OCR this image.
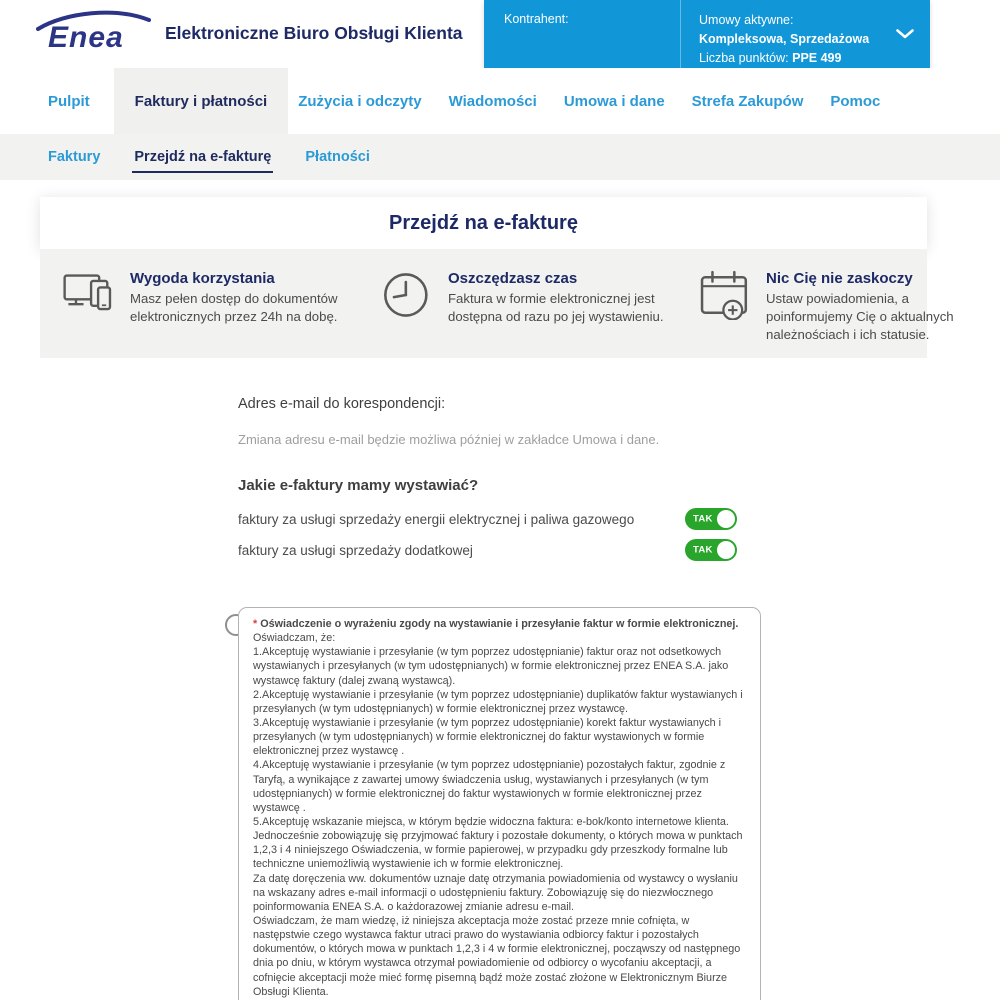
Enea Elektroniczne Biuro Obsługi Klienta
Kontrahent:	Umowy aktywne:
Kompleksowa, Sprzedażowa
Liczba punktów: PPE 499
Pulpit	Faktury i płatności	Zużycia i odczyty Wiadomości Umowa i dane Strefa Zakupów Pomoc
Faktury Przejdź na e-fakturę Płatności
Przejdź na e-fakturę
Wygoda korzystania
Masz pełen dostęp do dokumentów elektronicznych przez 24h na dobę.
Oszczędzasz czas
Faktura w formie elektronicznej jest dostępna od razu po jej wystawieniu.
Nic Cię nie zaskoczy
Ustaw powiadomienia, a poinformujemy Cię o aktualnych należnościach i ich statusie.
Adres e-mail do korespondencji:
Zmiana adresu e-mail będzie możliwa później w zakładce Umowa i dane.
Jakie e-faktury mamy wystawiać?
faktury za usługi sprzedaży energii elektrycznej i paliwa gazowego	TAK
faktury za usługi sprzedaży dodatkowej	TAK
* Oświadczenie o wyrażeniu zgody na wystawianie i przesyłanie faktur w formie elektronicznej.
Oświadczam, że:
1.Akceptuję wystawianie i przesyłanie (w tym poprzez udostępnianie) faktur oraz not odsetkowych wystawianych i przesyłanych (w tym udostępnianych) w formie elektronicznej przez ENEA S.A. jako wystawcę faktury (dalej zwaną wystawcą).
2.Akceptuję wystawianie i przesyłanie (w tym poprzez udostępnianie) duplikatów faktur wystawianych i przesyłanych (w tym udostępnianych) w formie elektronicznej przez wystawcę.
3.Akceptuję wystawianie i przesyłanie (w tym poprzez udostępnianie) korekt faktur wystawianych i przesyłanych (w tym udostępnianych) w formie elektronicznej do faktur wystawionych w formie elektronicznej przez wystawcę .
4.Akceptuję wystawianie i przesyłanie (w tym poprzez udostępnianie) pozostałych faktur, zgodnie z Taryfą, a wynikające z zawartej umowy świadczenia usług, wystawianych i przesyłanych (w tym udostępnianych) w formie elektronicznej do faktur wystawionych w formie elektronicznej przez wystawcę .
5.Akceptuję wskazanie miejsca, w którym będzie widoczna faktura: e-bok/konto internetowe klienta.
Jednocześnie zobowiązuję się przyjmować faktury i pozostałe dokumenty, o których mowa w punktach 1,2,3 i 4 niniejszego Oświadczenia, w formie papierowej, w przypadku gdy przeszkody formalne lub techniczne uniemożliwią wystawienie ich w formie elektronicznej.
Za datę doręczenia ww. dokumentów uznaje datę otrzymania powiadomienia od wystawcy o wysłaniu na wskazany adres e-mail informacji o udostępnieniu faktury. Zobowiązuję się do niezwłocznego poinformowania ENEA S.A. o każdorazowej zmianie adresu e-mail.
Oświadczam, że mam wiedzę, iż niniejsza akceptacja może zostać przeze mnie cofnięta, w następstwie czego wystawca faktur utraci prawo do wystawiania odbiorcy faktur i pozostałych dokumentów, o których mowa w punktach 1,2,3 i 4 w formie elektronicznej, począwszy od następnego dnia po dniu, w którym wystawca otrzymał powiadomienie od odbiorcy o wycofaniu akceptacji, a cofnięcie akceptacji może mieć formę pisemną bądź może zostać złożone w Elektronicznym Biurze Obsługi Klienta.
